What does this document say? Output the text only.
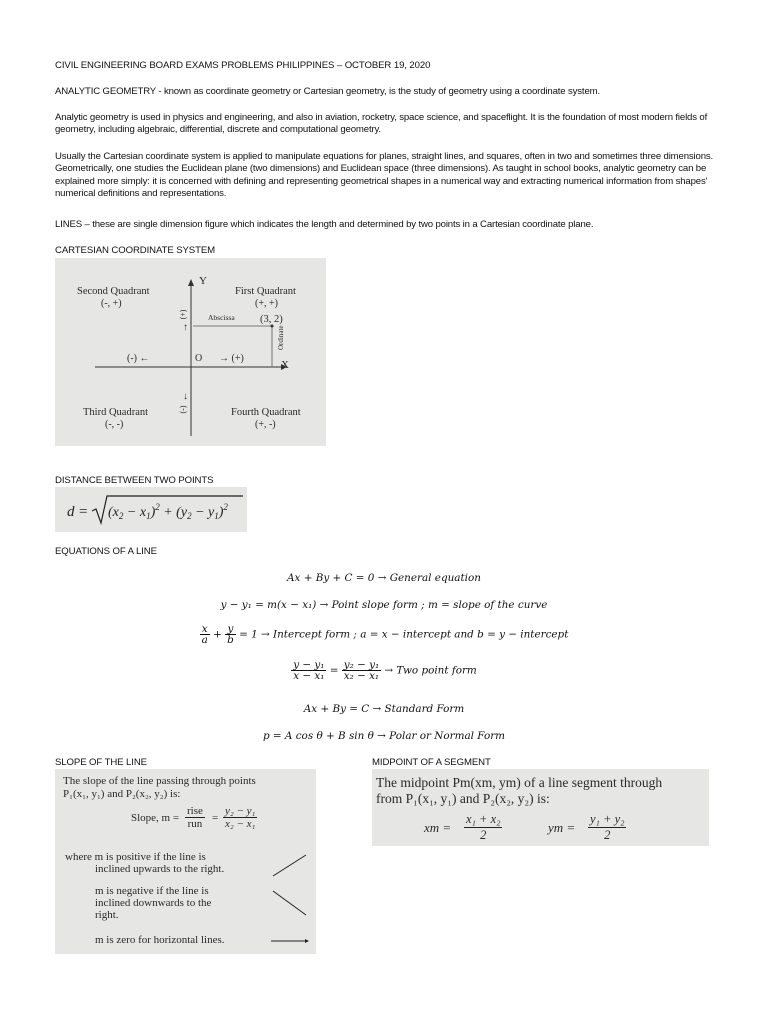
CIVIL ENGINEERING BOARD EXAMS PROBLEMS PHILIPPINES – OCTOBER 19, 2020
ANALYTIC GEOMETRY - known as coordinate geometry or Cartesian geometry, is the study of geometry using a coordinate system.
Analytic geometry is used in physics and engineering, and also in aviation, rocketry, space science, and spaceflight. It is the foundation of most modern fields of geometry, including algebraic, differential, discrete and computational geometry.
Usually the Cartesian coordinate system is applied to manipulate equations for planes, straight lines, and squares, often in two and sometimes three dimensions. Geometrically, one studies the Euclidean plane (two dimensions) and Euclidean space (three dimensions). As taught in school books, analytic geometry can be explained more simply: it is concerned with defining and representing geometrical shapes in a numerical way and extracting numerical information from shapes' numerical definitions and representations.
LINES – these are single dimension figure which indicates the length and determined by two points in a Cartesian coordinate plane.
CARTESIAN COORDINATE SYSTEM
Y
X
Second Quadrant
(-, +)
First Quadrant
(+, +)
Abscissa (3, 2)
Ordinate
O
(-) ←	→ (+)
(+)
↑
↓
(-)
Third Quadrant
(-, -)
Fourth Quadrant
(+, -)
DISTANCE BETWEEN TWO POINTS
$d = (x_2 - x_1)^2 + (y_2 - y_1)^2$
EQUATIONS OF A LINE
Ax + By + C = 0 → General equation
y − y₁ = m(x − x₁) → Point slope form ; m = slope of the curve
$\frac{x}{a} + \frac{y}{b} = 1$ → Intercept form ; a = x − intercept and b = y − intercept
$\frac{\text{y − y₁}}{\text{x − x₁}} = \frac{\text{y₂ − y₁}}{\text{x₂ − x₁}}$ → Two point form
Ax + By = C → Standard Form
p = A cos θ + B sin θ → Polar or Normal Form
SLOPE OF THE LINE
The slope of the line passing through points
P₁(x₁, y₁) and P₂(x₂, y₂) is:
Slope, m =
rise
run = $\frac{\text{y₂ − y₁}}{\text{x₂ − x₁}}$
where m is positive if the line is
inclined upwards to the right.
m is negative if the line is
inclined downwards to the
right.
m is zero for horizontal lines.
MIDPOINT OF A SEGMENT
The midpoint Pm(xm, ym) of a line segment through
from P₁(x₁, y₁) and P₂(x₂, y₂) is:
xm = $\frac{\text{x₁ + x₂}}{2}$	ym = $\frac{\text{y₁ + y₂}}{2}$
